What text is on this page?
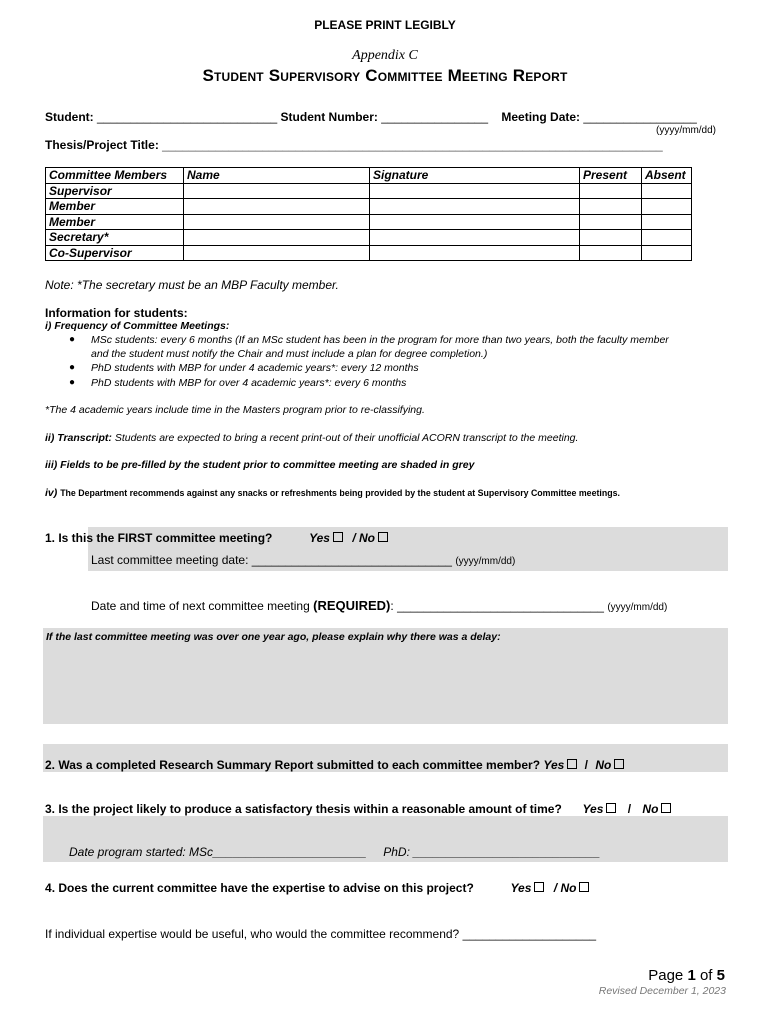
PLEASE PRINT LEGIBLY
Appendix C
Student Supervisory Committee Meeting Report
Student: ___________________________ Student Number: ________________ Meeting Date: _________________
(yyyy/mm/dd)
Thesis/Project Title: ___________________________________________________________________________
Committee Members	Name	Signature	Present	Absent
Supervisor				
Member				
Member				
Secretary*				
Co-Supervisor				
Note: *The secretary must be an MBP Faculty member.
Information for students:
i) Frequency of Committee Meetings:
● MSc students: every 6 months (If an MSc student has been in the program for more than two years, both the faculty member
and the student must notify the Chair and must include a plan for degree completion.)
● PhD students with MBP for under 4 academic years*: every 12 months
● PhD students with MBP for over 4 academic years*: every 6 months
*The 4 academic years include time in the Masters program prior to re-classifying.
ii) Transcript: Students are expected to bring a recent print-out of their unofficial ACORN transcript to the meeting.
iii) Fields to be pre-filled by the student prior to committee meeting are shaded in grey
iv) The Department recommends against any snacks or refreshments being provided by the student at Supervisory Committee meetings.
1. Is this the FIRST committee meeting?	Yes / No
Last committee meeting date: ______________________________ (yyyy/mm/dd)
Date and time of next committee meeting (REQUIRED): _______________________________ (yyyy/mm/dd)
If the last committee meeting was over one year ago, please explain why there was a delay:
2. Was a completed Research Summary Report submitted to each committee member? Yes / No
3. Is the project likely to produce a satisfactory thesis within a reasonable amount of time? Yes / No
Date program started: MSc_______________________ PhD: ____________________________
4. Does the current committee have the expertise to advise on this project?	Yes / No
If individual expertise would be useful, who would the committee recommend? ____________________
Page 1 of 5
Revised December 1, 2023
